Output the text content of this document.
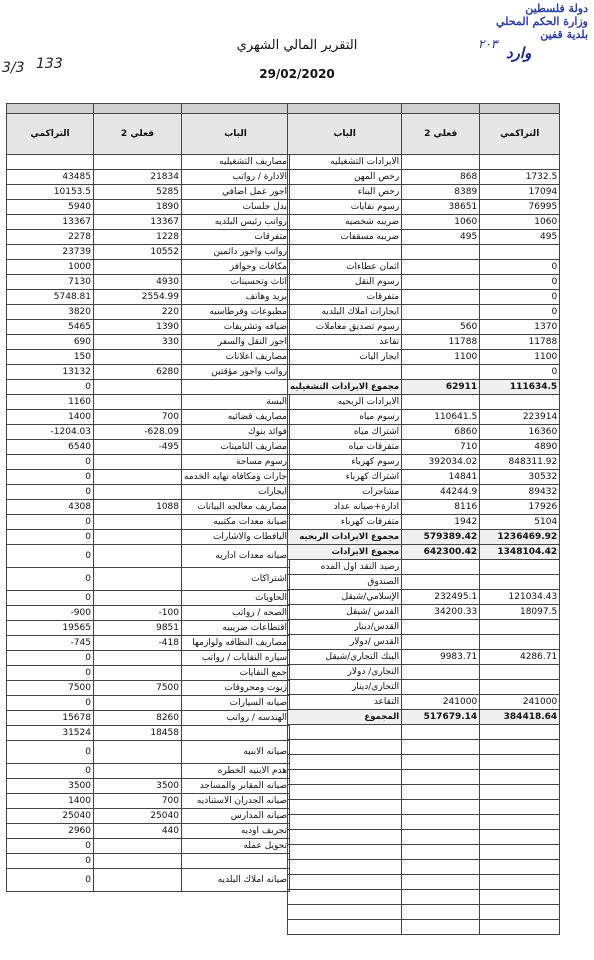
دولة فلسطين
وزارة الحكم المحلي
بلدية قفين
٢٠٣ وارد
3/3 133
التقرير المالي الشهري
29/02/2020

التراكمي	فعلي 2	الباب
		مصاريف التشغيليه
43485	21834	الادارة / رواتب
10153.5	5285	اجور عمل اضافي
5940	1890	بدل جلسات
13367	13367	رواتب رئيس البلديه
2278	1228	متفرقات
23739	10552	رواتب واجور دائمين
1000		مكافات وحوافز
7130	4930	اثاث وتحسينات
5748.81	2554.99	بريد وهاتف
3820	220	مطبوعات وقرطاسيه
5465	1390	ضيافه وتشريفات
690	330	اجور النقل والسفر
150		مصاريف اعلانات
13132	6280	رواتب واجور مؤقتين
0		
1160		البسة
1400	700	مصاريف قضائيه
-1204.03	-628.09	فوائد بنوك
6540	-495	مصاريف التامينات
0		رسوم مساحة
0		جارات ومكافاه نهايه الخدمه
0		ايجارات
4308	1088	مصاريف معالجه البيانات
0		صيانة معدات مكتبيه
0		اليافطات والاشارات
0		صيانه معدات اداريه
0		اشتراكات
0		الحاويات
-900	-100	الصحه / رواتب
19565	9851	اقتطاعات ضريبيه
-745	-418	مصاريف النظافه ولوازمها
0		سياره النفايات / رواتب
0		جمع النفايات
7500	7500	زيوت ومحروقات
0		صيانه السيارات
15678	8260	الهندسه / رواتب
31524	18458	
0		صيانه الابنيه
0		هدم الابنيه الخطره
3500	3500	صيانه المقابر والمساجد
1400	700	صيانه الجدران الاستناديه
25040	25040	صيانه المدارس
2960	440	تجريف اوديه
0		تحويل عمله
0		
0		صيانه املاك البلديه

الباب	فعلي 2	التراكمي
الايرادات التشغيليه		
رخص المهن	868	1732.5
رخص البناء	8389	17094
رسوم نفايات	38651	76995
ضريبه شخصيه	1060	1060
ضريبه مسقفات	495	495

اثمان عطاءات		0
رسوم النقل		0
متفرقات		0
ايجارات املاك البلديه		0
رسوم تصديق معاملات	560	1370
تقاعد	11788	11788
ايجار اليات	1100	1100
		0
مجموع الايرادات التشغيليه	62911	111634.5
الايرادات الربحيه		
رسوم مياه	110641.5	223914
اشتراك مياه	6860	16360
متفرقات مياه	710	4890
رسوم كهرباء	392034.02	848311.92
اشتراك كهرباء	14841	30532
مشاجرات	44244.9	89432
ادارة+صيانه عداد	8116	17926
متفرقات كهرباء	1942	5104
مجموع الايرادات الربحيه	579389.42	1236469.92
مجموع الايرادات	642300.42	1348104.42
رصيد النقد اول المده		
الصندوق		
الإسلامي/شيقل	232495.1	121034.43
القدس /شيقل	34200.33	18097.5
القدس/دينار		
القدس /دولار		
البنك التجاري/شيقل	9983.71	4286.71
التجاري/ دولار		
التجاري/دينار		
التقاعد	241000	241000
المجموع	517679.14	384418.64
